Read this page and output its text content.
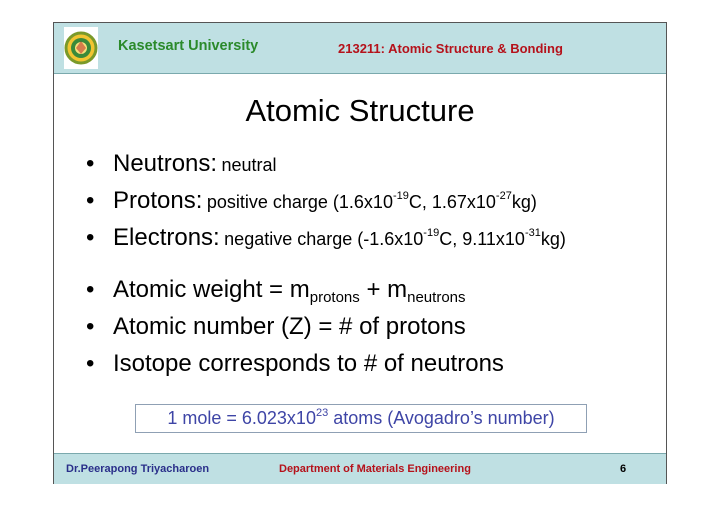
Kasetsart University	213211: Atomic Structure & Bonding
Atomic Structure
• Neutrons: neutral
• Protons: positive charge ($1.6x10^{-19}C$, $1.67x10^{-27}kg$)
• Electrons: negative charge ($-1.6x10^{-19}C$, $9.11x10^{-31}kg$)
• Atomic weight = $m_{protons} + m_{neutrons}$
• Atomic number (Z) = # of protons
• Isotope corresponds to # of neutrons
1 mole = $6.023x10^{23}$ atoms (Avogadro’s number)
Dr.Peerapong Triyacharoen	Department of Materials Engineering	6
